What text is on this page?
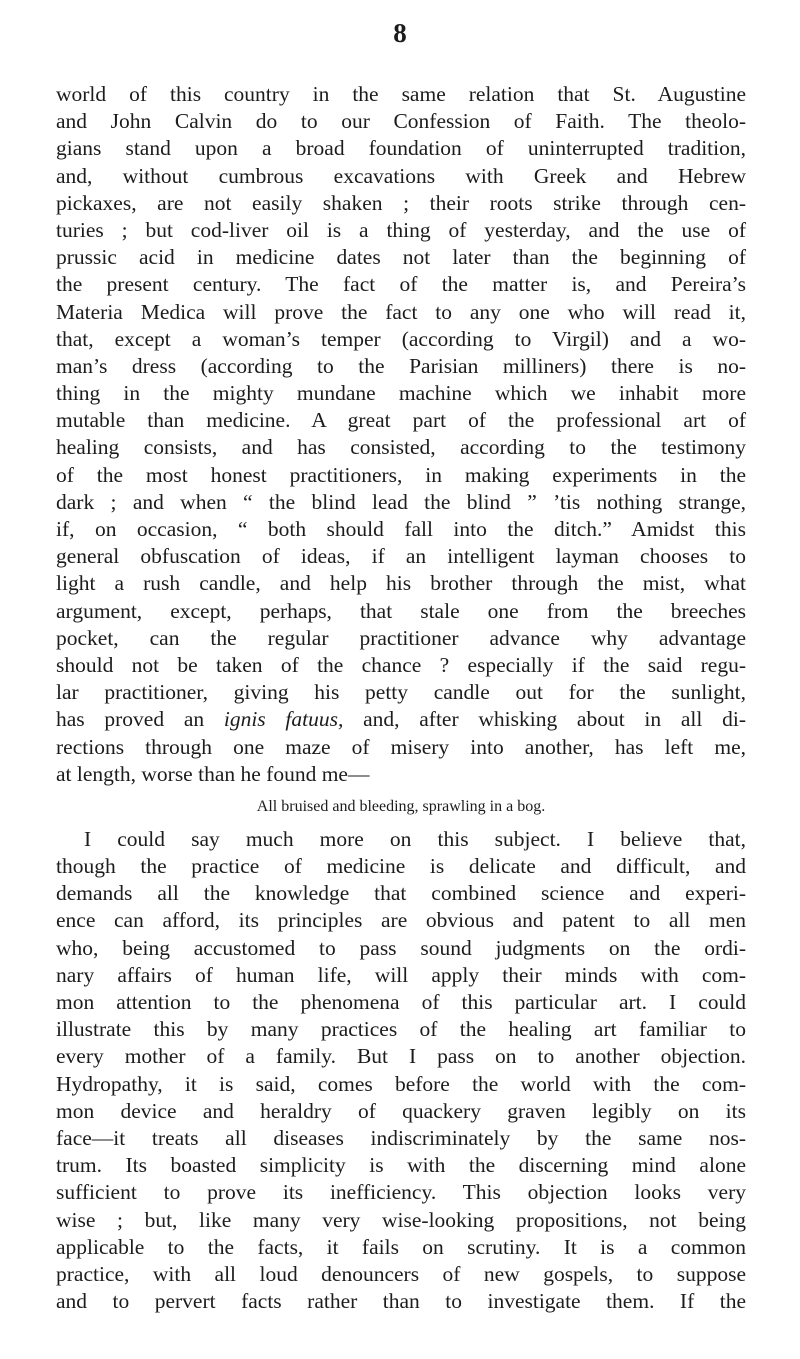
8
world of this country in the same relation that St. Augustine
and John Calvin do to our Confession of Faith. The theolo-
gians stand upon a broad foundation of uninterrupted tradition,
and, without cumbrous excavations with Greek and Hebrew
pickaxes, are not easily shaken ; their roots strike through cen-
turies ; but cod-liver oil is a thing of yesterday, and the use of
prussic acid in medicine dates not later than the beginning of
the present century. The fact of the matter is, and Pereira’s
Materia Medica will prove the fact to any one who will read it,
that, except a woman’s temper (according to Virgil) and a wo-
man’s dress (according to the Parisian milliners) there is no-
thing in the mighty mundane machine which we inhabit more
mutable than medicine. A great part of the professional art of
healing consists, and has consisted, according to the testimony
of the most honest practitioners, in making experiments in the
dark ; and when “ the blind lead the blind ” ’tis nothing strange,
if, on occasion, “ both should fall into the ditch.” Amidst this
general obfuscation of ideas, if an intelligent layman chooses to
light a rush candle, and help his brother through the mist, what
argument, except, perhaps, that stale one from the breeches
pocket, can the regular practitioner advance why advantage
should not be taken of the chance ? especially if the said regu-
lar practitioner, giving his petty candle out for the sunlight,
has proved an ignis fatuus, and, after whisking about in all di-
rections through one maze of misery into another, has left me,
at length, worse than he found me—
All bruised and bleeding, sprawling in a bog.
I could say much more on this subject. I believe that,
though the practice of medicine is delicate and difficult, and
demands all the knowledge that combined science and experi-
ence can afford, its principles are obvious and patent to all men
who, being accustomed to pass sound judgments on the ordi-
nary affairs of human life, will apply their minds with com-
mon attention to the phenomena of this particular art. I could
illustrate this by many practices of the healing art familiar to
every mother of a family. But I pass on to another objection.
Hydropathy, it is said, comes before the world with the com-
mon device and heraldry of quackery graven legibly on its
face—it treats all diseases indiscriminately by the same nos-
trum. Its boasted simplicity is with the discerning mind alone
sufficient to prove its inefficiency. This objection looks very
wise ; but, like many very wise-looking propositions, not being
applicable to the facts, it fails on scrutiny. It is a common
practice, with all loud denouncers of new gospels, to suppose
and to pervert facts rather than to investigate them. If the
